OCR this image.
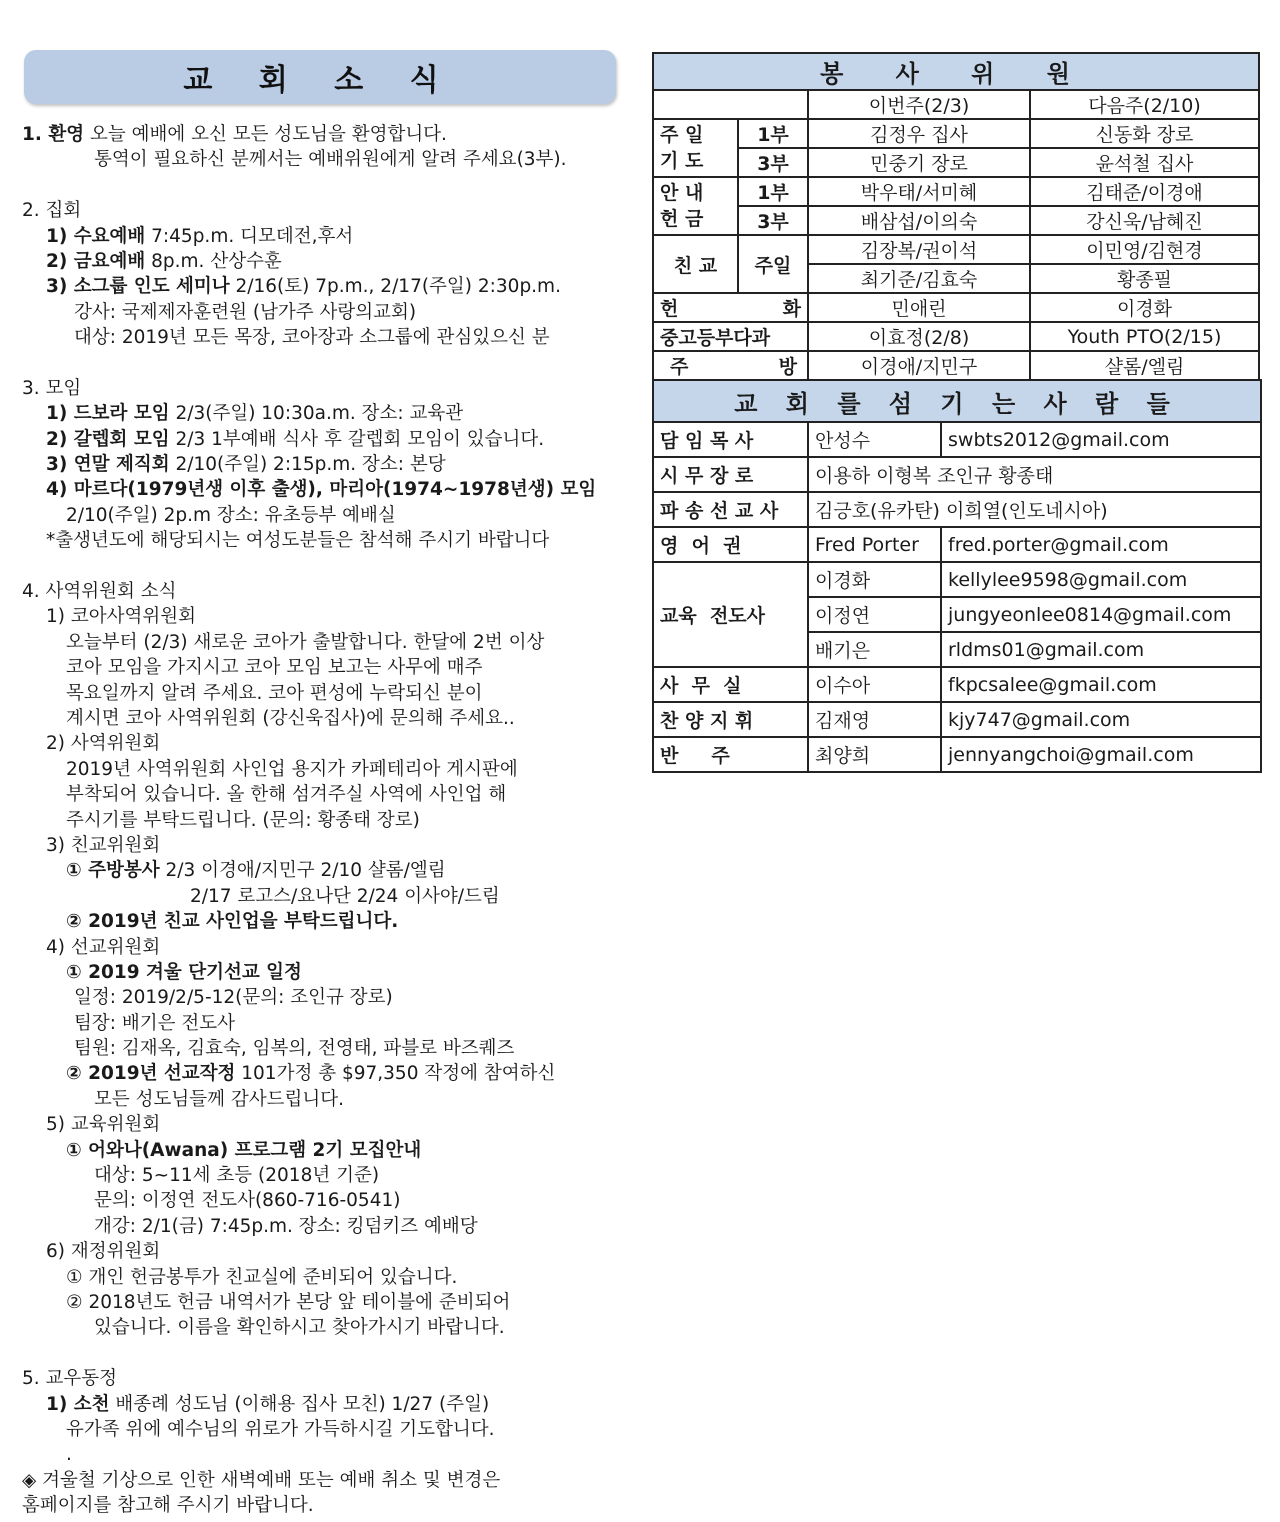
교 회 소 식
1. 환영 오늘 예배에 오신 모든 성도님을 환영합니다.
통역이 필요하신 분께서는 예배위원에게 알려 주세요(3부).
2. 집회
1) 수요예배 7:45p.m. 디모데전,후서
2) 금요예배 8p.m. 산상수훈
3) 소그룹 인도 세미나 2/16(토) 7p.m., 2/17(주일) 2:30p.m.
강사: 국제제자훈련원 (남가주 사랑의교회)
대상: 2019년 모든 목장, 코아장과 소그룹에 관심있으신 분
3. 모임
1) 드보라 모임 2/3(주일) 10:30a.m. 장소: 교육관
2) 갈렙회 모임 2/3 1부예배 식사 후 갈렙회 모임이 있습니다.
3) 연말 제직회 2/10(주일) 2:15p.m. 장소: 본당
4) 마르다(1979년생 이후 출생), 마리아(1974~1978년생) 모임
2/10(주일) 2p.m 장소: 유초등부 예배실
*출생년도에 해당되시는 여성도분들은 참석해 주시기 바랍니다
4. 사역위원회 소식
1) 코아사역위원회
오늘부터 (2/3) 새로운 코아가 출발합니다. 한달에 2번 이상
코아 모임을 가지시고 코아 모임 보고는 사무에 매주
목요일까지 알려 주세요. 코아 편성에 누락되신 분이
계시면 코아 사역위원회 (강신욱집사)에 문의해 주세요..
2) 사역위원회
2019년 사역위원회 사인업 용지가 카페테리아 게시판에
부착되어 있습니다. 올 한해 섬겨주실 사역에 사인업 해
주시기를 부탁드립니다. (문의: 황종태 장로)
3) 친교위원회
① 주방봉사 2/3 이경애/지민구 2/10 샬롬/엘림
2/17 로고스/요나단 2/24 이사야/드림
② 2019년 친교 사인업을 부탁드립니다.
4) 선교위원회
① 2019 겨울 단기선교 일정
일정: 2019/2/5-12(문의: 조인규 장로)
팀장: 배기은 전도사
팀원: 김재옥, 김효숙, 임복의, 전영태, 파블로 바즈퀘즈
② 2019년 선교작정 101가정 총 $97,350 작정에 참여하신
모든 성도님들께 감사드립니다.
5) 교육위원회
① 어와나(Awana) 프로그램 2기 모집안내
대상: 5~11세 초등 (2018년 기준)
문의: 이정연 전도사(860-716-0541)
개강: 2/1(금) 7:45p.m. 장소: 킹덤키즈 예배당
6) 재정위원회
① 개인 헌금봉투가 친교실에 준비되어 있습니다.
② 2018년도 헌금 내역서가 본당 앞 테이블에 준비되어
있습니다. 이름을 확인하시고 찾아가시기 바랍니다.
5. 교우동정
1) 소천 배종례 성도님 (이해용 집사 모친) 1/27 (주일)
유가족 위에 예수님의 위로가 가득하시길 기도합니다.
.
◈ 겨울철 기상으로 인한 새벽예배 또는 예배 취소 및 변경은
홈페이지를 참고해 주시기 바랍니다.
봉 사 위 원			
		이번주(2/3)	다음주(2/10)

주 일
기 도	1부	김정우 집사	신동화 장로
	3부	민중기 장로	윤석철 집사

안 내
헌 금	1부	박우태/서미혜	김태준/이경애
	3부	배삼섭/이의숙	강신욱/남혜진
친 교	주일	김장복/권이석	이민영/김현경
		최기준/김효숙	황종필

헌 화		민애린	이경화
중고등부다과		이효정(2/8)	Youth PTO(2/15)

주 방		이경애/지민구	샬롬/엘림
교 회 를 섬 기 는 사 람 들		
담 임 목 사	안성수	swbts2012@gmail.com
시 무 장 로	이용하 이형복 조인규 황종태	
파 송 선 교 사	김긍호(유카탄) 이희열(인도네시아)	
영  어  권	Fred Porter	fred.porter@gmail.com
교육  전도사	이경화	kellylee9598@gmail.com
	이정연	jungyeonlee0814@gmail.com
	배기은	rldms01@gmail.com
사  무  실	이수아	fkpcsalee@gmail.com
찬 양 지 휘	김재영	kjy747@gmail.com
반     주	최양희	jennyangchoi@gmail.com
